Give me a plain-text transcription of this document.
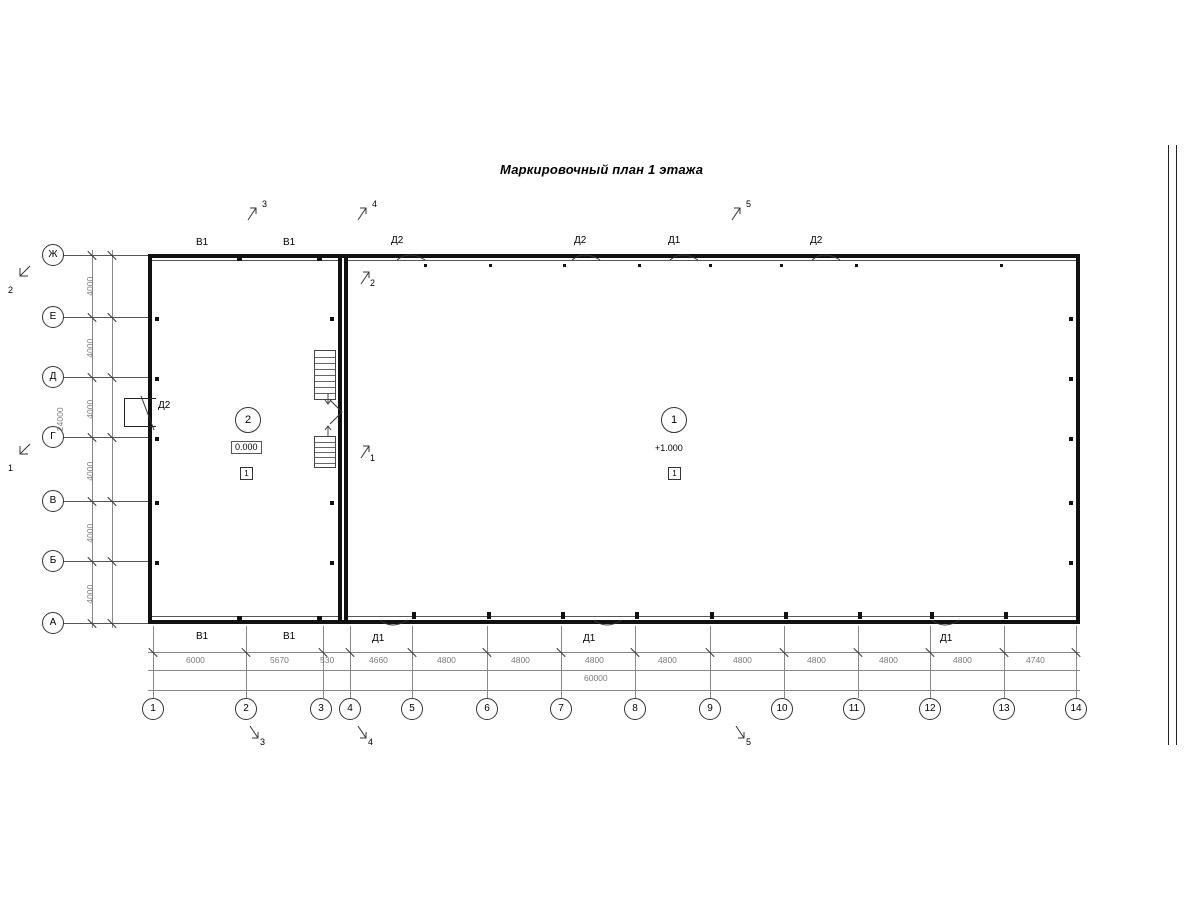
Маркировочный план 1 этажа
Ж
Е
Д
Г
В
Б
А
4000
4000
4000
4000
4000
4000
24000
Д2
2
0.000
1
1
+1.000
1
В1	В1	Д2	Д2	Д1	Д2
В1	В1	Д1	Д1	Д1
3	4	5
3	4	5
2
1
2
1
6000	5670	530	4660	4800	4800	4800	4800	4800	4800	4800	4800	4740
60000
1	2	3	4	5	6	7	8	9	10	11	12	13	14
